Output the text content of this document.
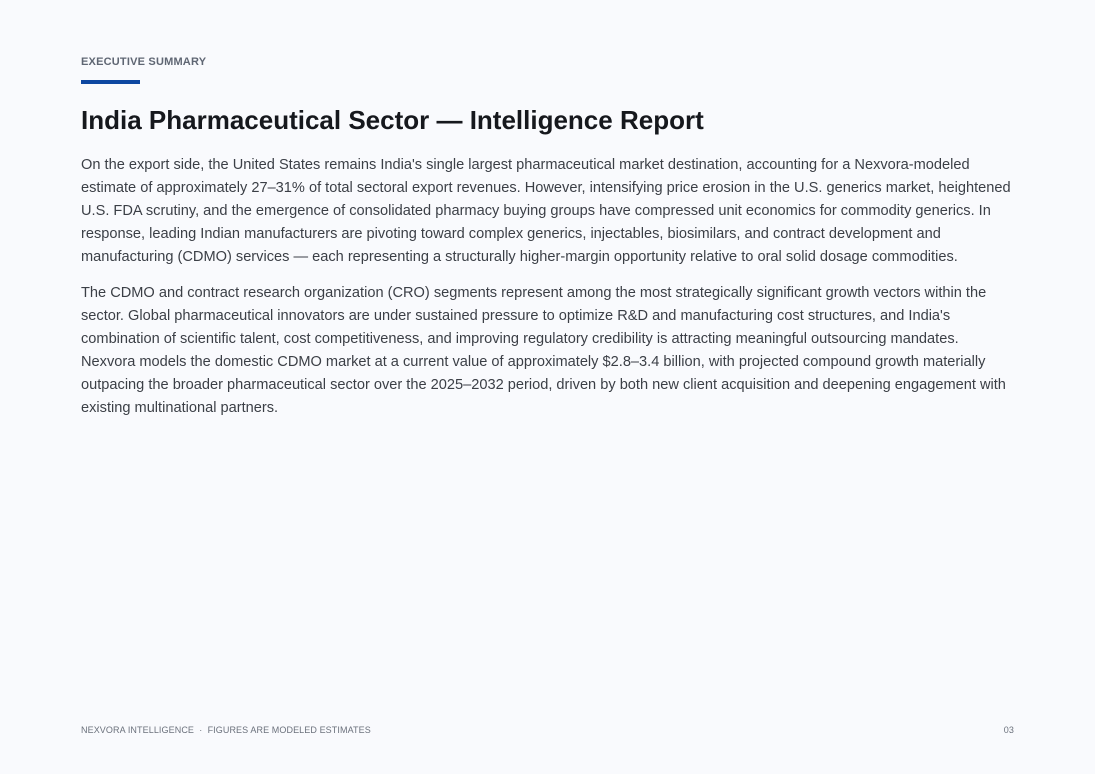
EXECUTIVE SUMMARY
India Pharmaceutical Sector — Intelligence Report

On the export side, the United States remains India's single largest pharmaceutical market destination, accounting for a Nexvora-modeled estimate of approximately 27–31% of total sectoral export revenues. However, intensifying price erosion in the U.S. generics market, heightened U.S. FDA scrutiny, and the emergence of consolidated pharmacy buying groups have compressed unit economics for commodity generics. In response, leading Indian manufacturers are pivoting toward complex generics, injectables, biosimilars, and contract development and manufacturing (CDMO) services — each representing a structurally higher-margin opportunity relative to oral solid dosage commodities.

The CDMO and contract research organization (CRO) segments represent among the most strategically significant growth vectors within the sector. Global pharmaceutical innovators are under sustained pressure to optimize R&D and manufacturing cost structures, and India's combination of scientific talent, cost competitiveness, and improving regulatory credibility is attracting meaningful outsourcing mandates. Nexvora models the domestic CDMO market at a current value of approximately $2.8–3.4 billion, with projected compound growth materially outpacing the broader pharmaceutical sector over the 2025–2032 period, driven by both new client acquisition and deepening engagement with existing multinational partners.

NEXVORA INTELLIGENCE · FIGURES ARE MODELED ESTIMATES	03
